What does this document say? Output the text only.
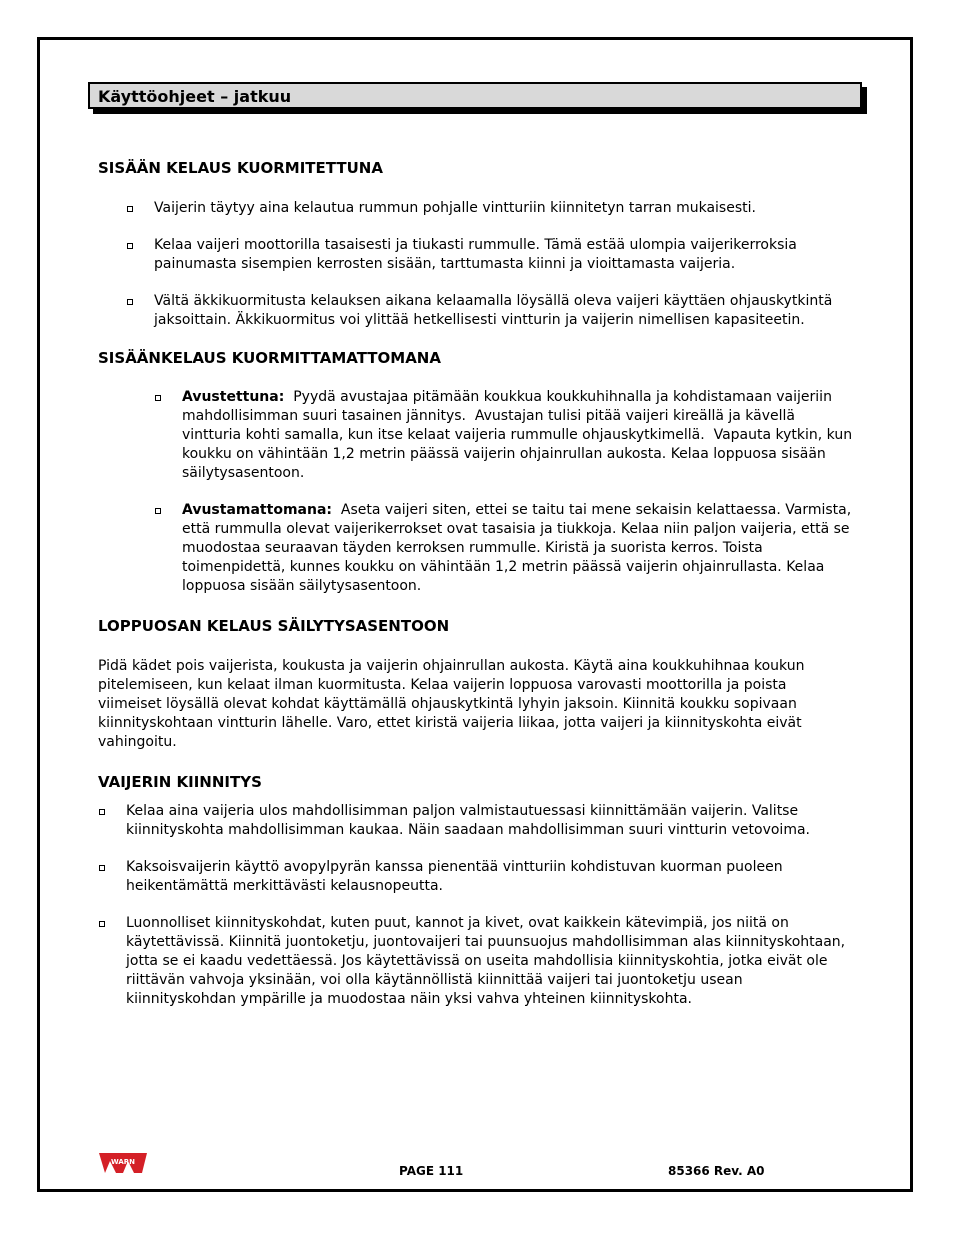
Käyttöohjeet – jatkuu
SISÄÄN KELAUS KUORMITETTUNA
Vaijerin täytyy aina kelautua rummun pohjalle vintturiin kiinnitetyn tarran mukaisesti.
Kelaa vaijeri moottorilla tasaisesti ja tiukasti rummulle. Tämä estää ulompia vaijerikerroksia painumasta sisempien kerrosten sisään, tarttumasta kiinni ja vioittamasta vaijeria.
Vältä äkkikuormitusta kelauksen aikana kelaamalla löysällä oleva vaijeri käyttäen ohjauskytkintä jaksoittain. Äkkikuormitus voi ylittää hetkellisesti vintturin ja vaijerin nimellisen kapasiteetin.
SISÄÄNKELAUS KUORMITTAMATTOMANA
Avustettuna:  Pyydä avustajaa pitämään koukkua koukkuhihnalla ja kohdistamaan vaijeriin mahdollisimman suuri tasainen jännitys.  Avustajan tulisi pitää vaijeri kireällä ja kävellä vintturia kohti samalla, kun itse kelaat vaijeria rummulle ohjauskytkimellä.  Vapauta kytkin, kun koukku on vähintään 1,2 metrin päässä vaijerin ohjainrullan aukosta. Kelaa loppuosa sisään säilytysasentoon.
Avustamattomana:  Aseta vaijeri siten, ettei se taitu tai mene sekaisin kelattaessa. Varmista, että rummulla olevat vaijerikerrokset ovat tasaisia ja tiukkoja. Kelaa niin paljon vaijeria, että se muodostaa seuraavan täyden kerroksen rummulle. Kiristä ja suorista kerros. Toista toimenpidettä, kunnes koukku on vähintään 1,2 metrin päässä vaijerin ohjainrullasta. Kelaa loppuosa sisään säilytysasentoon.
LOPPUOSAN KELAUS SÄILYTYSASENTOON
Pidä kädet pois vaijerista, koukusta ja vaijerin ohjainrullan aukosta. Käytä aina koukkuhihnaa koukun pitelemiseen, kun kelaat ilman kuormitusta. Kelaa vaijerin loppuosa varovasti moottorilla ja poista viimeiset löysällä olevat kohdat käyttämällä ohjauskytkintä lyhyin jaksoin. Kiinnitä koukku sopivaan kiinnityskohtaan vintturin lähelle. Varo, ettet kiristä vaijeria liikaa, jotta vaijeri ja kiinnityskohta eivät vahingoitu.
VAIJERIN KIINNITYS
Kelaa aina vaijeria ulos mahdollisimman paljon valmistautuessasi kiinnittämään vaijerin. Valitse kiinnityskohta mahdollisimman kaukaa. Näin saadaan mahdollisimman suuri vintturin vetovoima.
Kaksoisvaijerin käyttö avopylpyrän kanssa pienentää vintturiin kohdistuvan kuorman puoleen heikentämättä merkittävästi kelausnopeutta.
Luonnolliset kiinnityskohdat, kuten puut, kannot ja kivet, ovat kaikkein kätevimpiä, jos niitä on käytettävissä. Kiinnitä juontoketju, juontovaijeri tai puunsuojus mahdollisimman alas kiinnityskohtaan, jotta se ei kaadu vedettäessä. Jos käytettävissä on useita mahdollisia kiinnityskohtia, jotka eivät ole riittävän vahvoja yksinään, voi olla käytännöllistä kiinnittää vaijeri tai juontoketju usean kiinnityskohdan ympärille ja muodostaa näin yksi vahva yhteinen kiinnityskohta.
WARN
PAGE 111	85366 Rev. A0
